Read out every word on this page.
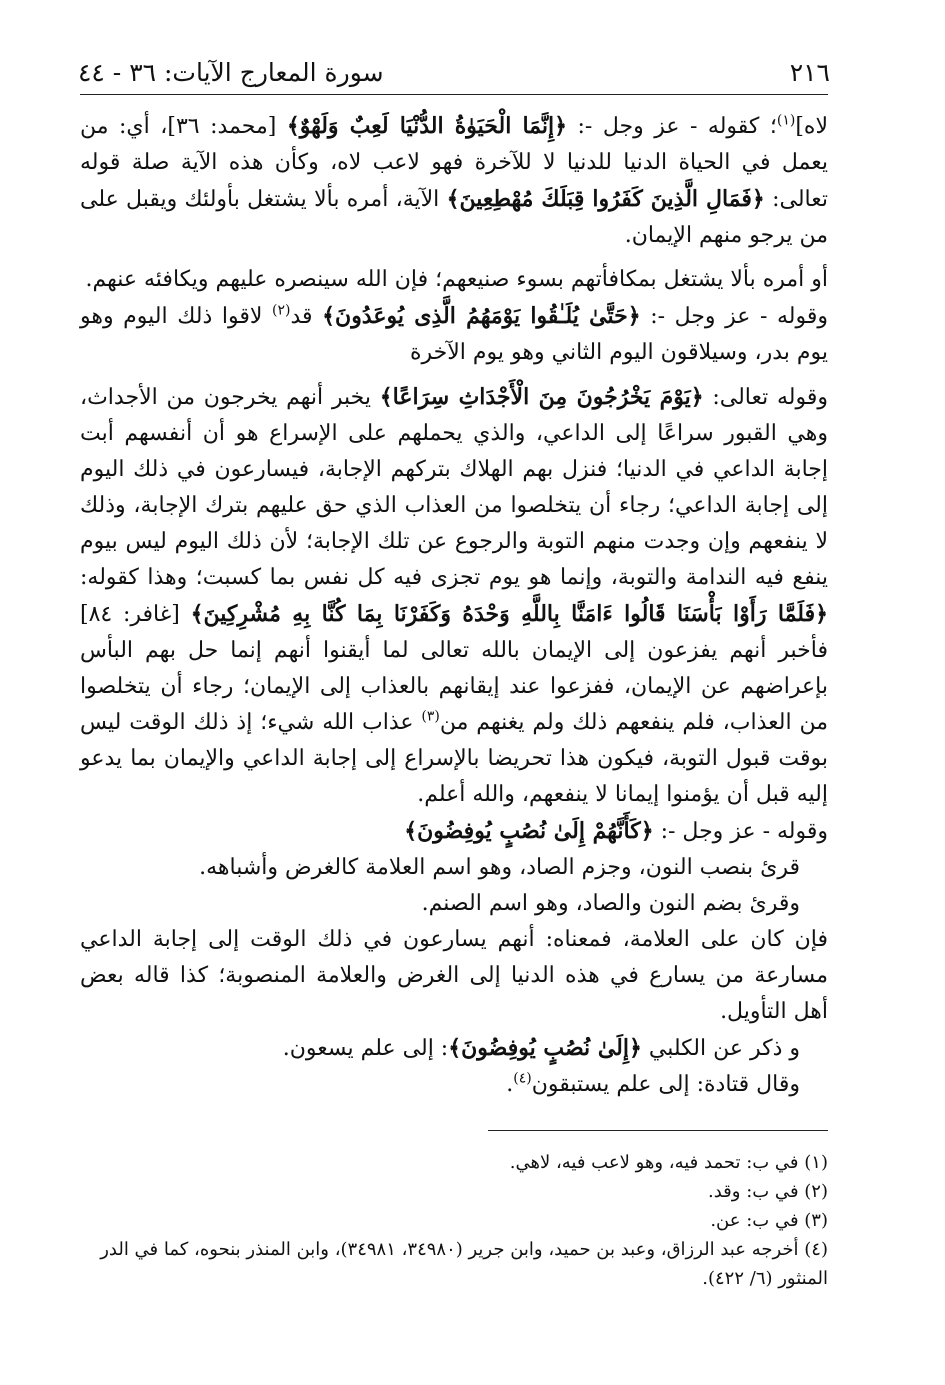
٢١٦
سورة المعارج الآيات: ٣٦ - ٤٤

لاه]$^{(١)}$؛ كقوله - عز وجل -: ﴿إِنَّمَا الْحَيَوٰةُ الدُّنْيَا لَعِبٌ وَلَهْوٌ﴾ [محمد: ٣٦]، أي: من يعمل في الحياة الدنيا للدنيا لا للآخرة فهو لاعب لاه، وكأن هذه الآية صلة قوله تعالى: ﴿فَمَالِ الَّذِينَ كَفَرُوا قِبَلَكَ مُهْطِعِينَ﴾ الآية، أمره بألا يشتغل بأولئك ويقبل على من يرجو منهم الإيمان.

أو أمره بألا يشتغل بمكافأتهم بسوء صنيعهم؛ فإن الله سينصره عليهم ويكافئه عنهم.

وقوله - عز وجل -: ﴿حَتَّىٰ يُلَـٰقُوا يَوْمَهُمُ الَّذِى يُوعَدُونَ﴾ قد$^{(٢)}$ لاقوا ذلك اليوم وهو يوم بدر، وسيلاقون اليوم الثاني وهو يوم الآخرة

وقوله تعالى: ﴿يَوْمَ يَخْرُجُونَ مِنَ الْأَجْدَاثِ سِرَاعًا﴾ يخبر أنهم يخرجون من الأجداث، وهي القبور سراعًا إلى الداعي، والذي يحملهم على الإسراع هو أن أنفسهم أبت إجابة الداعي في الدنيا؛ فنزل بهم الهلاك بتركهم الإجابة، فيسارعون في ذلك اليوم إلى إجابة الداعي؛ رجاء أن يتخلصوا من العذاب الذي حق عليهم بترك الإجابة، وذلك لا ينفعهم وإن وجدت منهم التوبة والرجوع عن تلك الإجابة؛ لأن ذلك اليوم ليس بيوم ينفع فيه الندامة والتوبة، وإنما هو يوم تجزى فيه كل نفس بما كسبت؛ وهذا كقوله: ﴿فَلَمَّا رَأَوْا بَأْسَنَا قَالُوا ءَامَنَّا بِاللَّهِ وَحْدَهُ وَكَفَرْنَا بِمَا كُنَّا بِهِ مُشْرِكِينَ﴾ [غافر: ٨٤] فأخبر أنهم يفزعون إلى الإيمان بالله تعالى لما أيقنوا أنهم إنما حل بهم البأس بإعراضهم عن الإيمان، ففزعوا عند إيقانهم بالعذاب إلى الإيمان؛ رجاء أن يتخلصوا من العذاب، فلم ينفعهم ذلك ولم يغنهم من$^{(٣)}$ عذاب الله شيء؛ إذ ذلك الوقت ليس بوقت قبول التوبة، فيكون هذا تحريضا بالإسراع إلى إجابة الداعي والإيمان بما يدعو إليه قبل أن يؤمنوا إيمانا لا ينفعهم، والله أعلم.

وقوله - عز وجل -: ﴿كَأَنَّهُمْ إِلَىٰ نُصُبٍ يُوفِضُونَ﴾

قرئ بنصب النون، وجزم الصاد، وهو اسم العلامة كالغرض وأشباهه.

وقرئ بضم النون والصاد، وهو اسم الصنم.

فإن كان على العلامة، فمعناه: أنهم يسارعون في ذلك الوقت إلى إجابة الداعي مسارعة من يسارع في هذه الدنيا إلى الغرض والعلامة المنصوبة؛ كذا قاله بعض أهل التأويل.

و ذكر عن الكلبي ﴿إِلَىٰ نُصُبٍ يُوفِضُونَ﴾: إلى علم يسعون.

وقال قتادة: إلى علم يستبقون$^{(٤)}$.

(١) في ب: تحمد فيه، وهو لاعب فيه، لاهي.

(٢) في ب: وقد.

(٣) في ب: عن.

(٤) أخرجه عبد الرزاق، وعبد بن حميد، وابن جرير (٣٤٩٨٠، ٣٤٩٨١)، وابن المنذر بنحوه، كما في الدر المنثور (٦/ ٤٢٢).
